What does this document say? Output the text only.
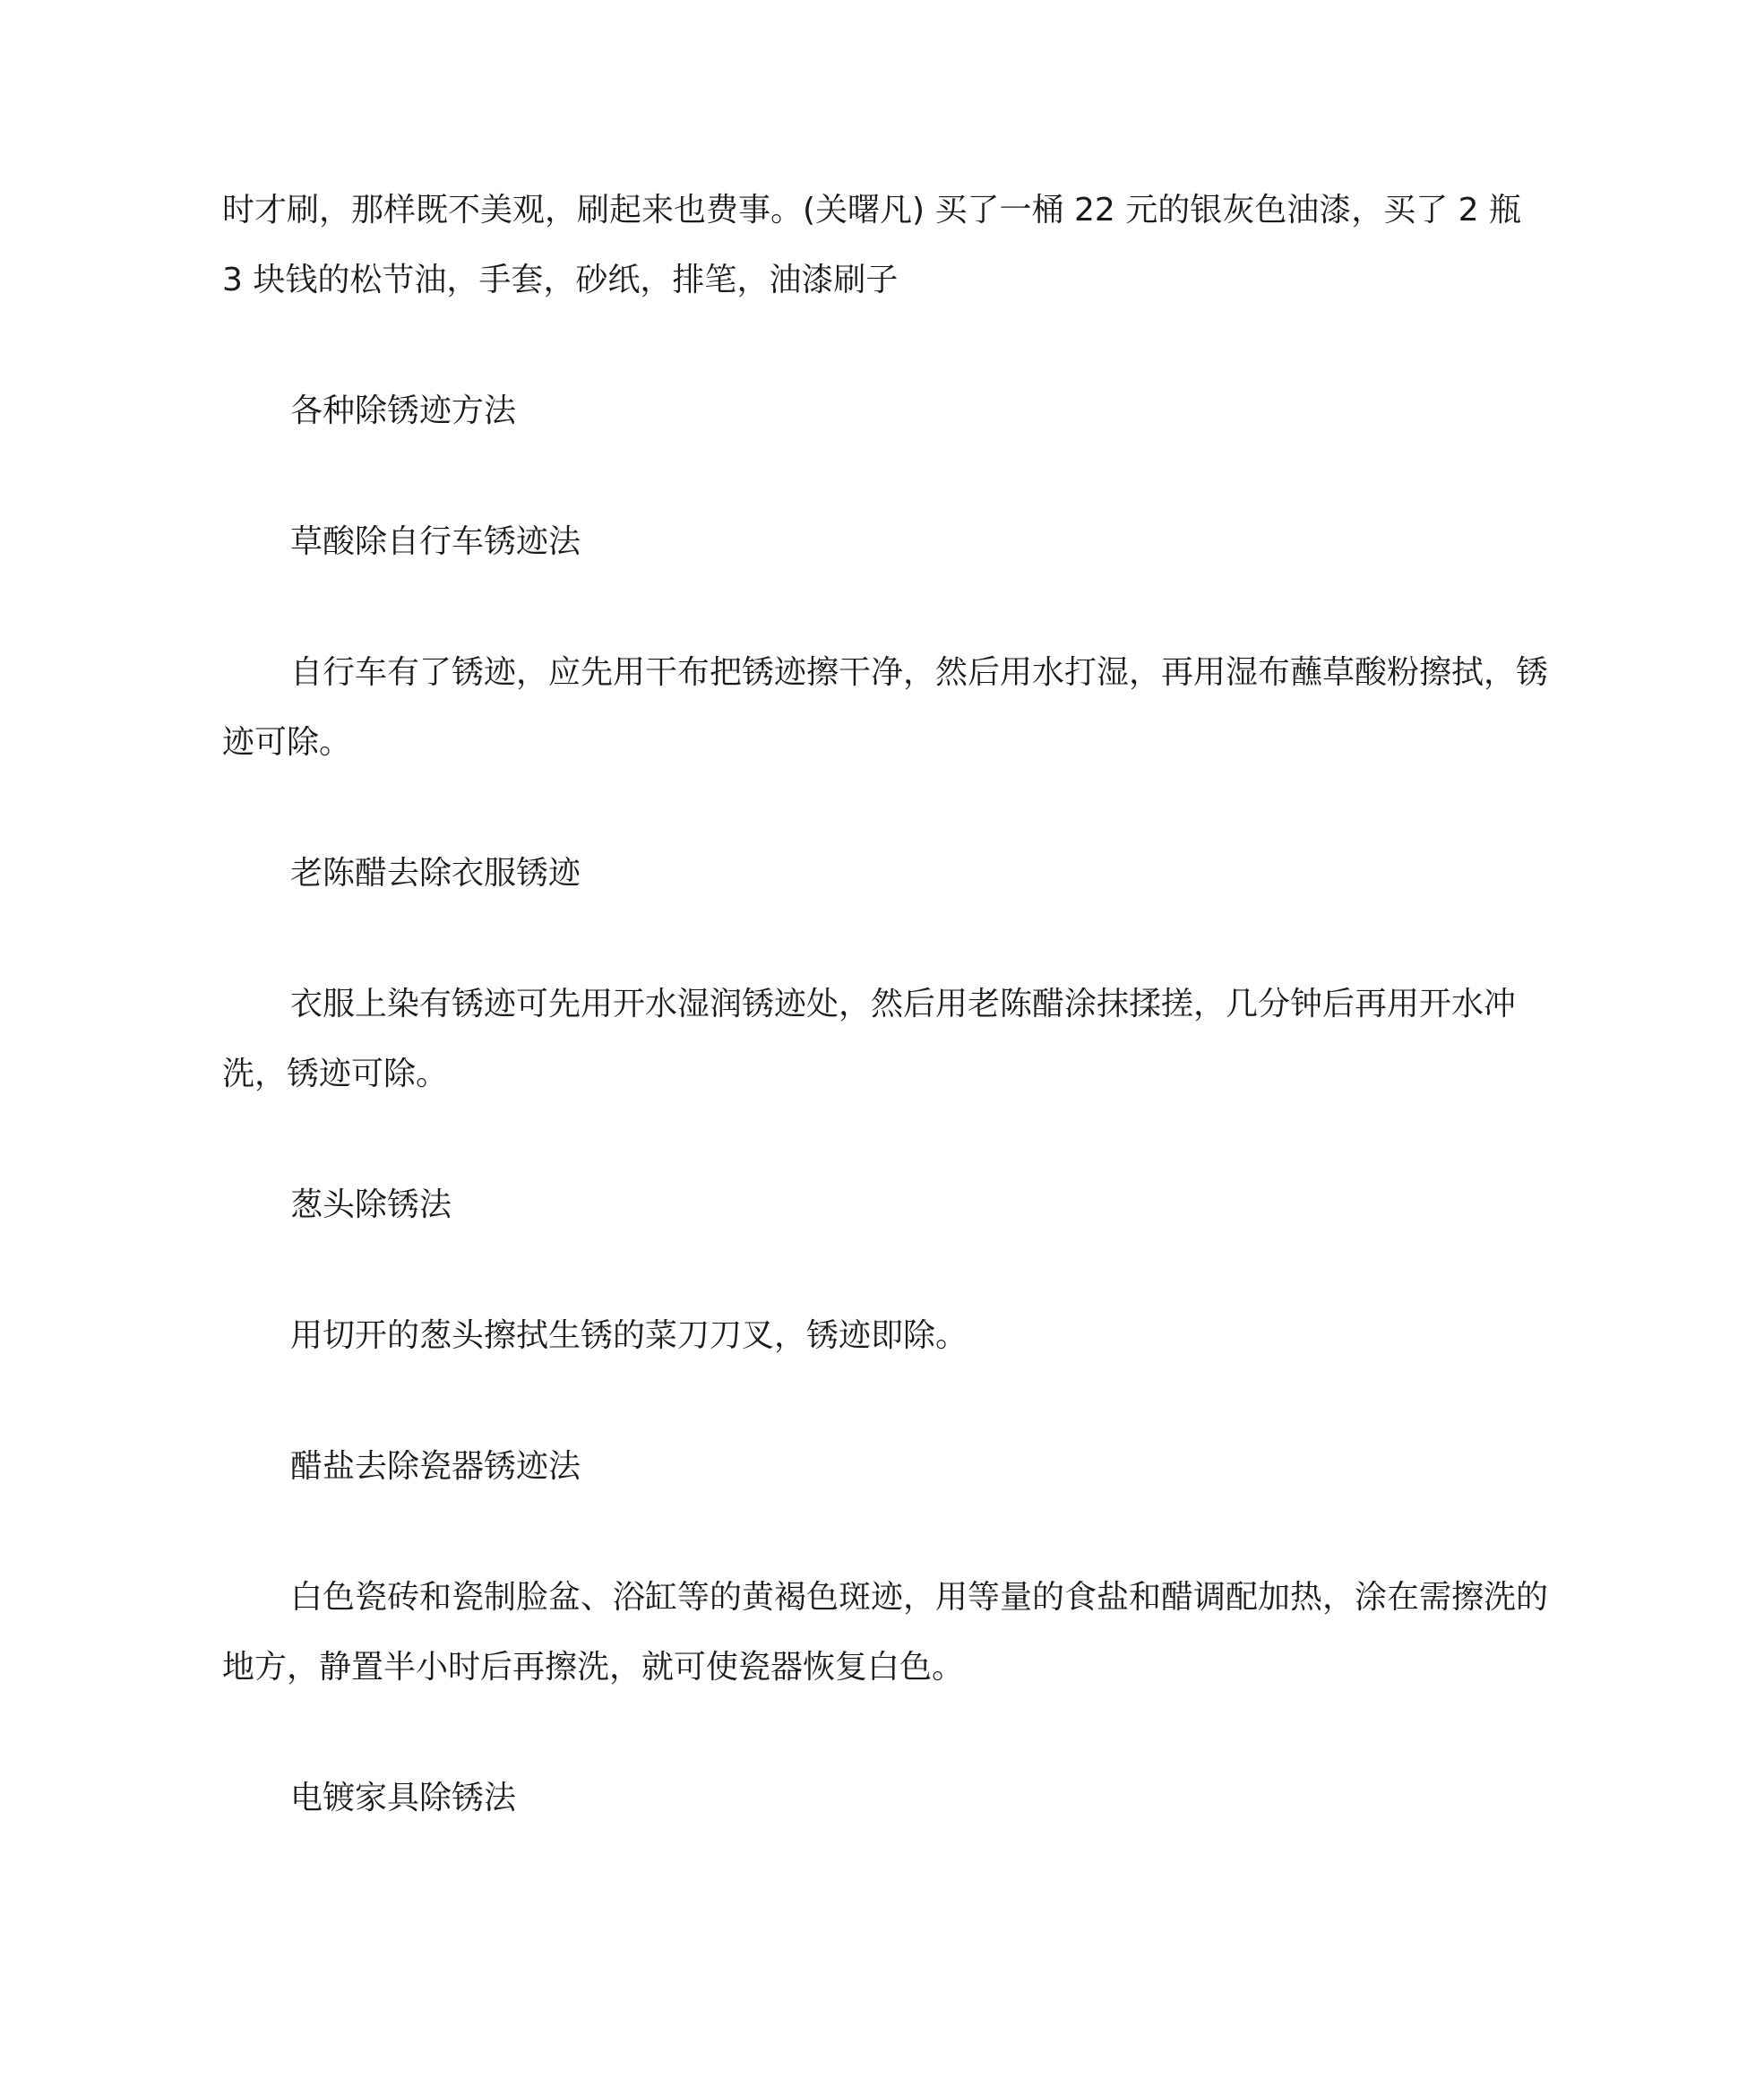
时才刷，那样既不美观，刷起来也费事。(关曙凡) 买了一桶 22 元的银灰色油漆，买了 2 瓶 3 块钱的松节油，手套，砂纸，排笔，油漆刷子

各种除锈迹方法

草酸除自行车锈迹法

自行车有了锈迹，应先用干布把锈迹擦干净，然后用水打湿，再用湿布蘸草酸粉擦拭，锈迹可除。

老陈醋去除衣服锈迹

衣服上染有锈迹可先用开水湿润锈迹处，然后用老陈醋涂抹揉搓，几分钟后再用开水冲洗，锈迹可除。

葱头除锈法

用切开的葱头擦拭生锈的菜刀刀叉，锈迹即除。

醋盐去除瓷器锈迹法

白色瓷砖和瓷制脸盆、浴缸等的黄褐色斑迹，用等量的食盐和醋调配加热，涂在需擦洗的地方，静置半小时后再擦洗，就可使瓷器恢复白色。

电镀家具除锈法
